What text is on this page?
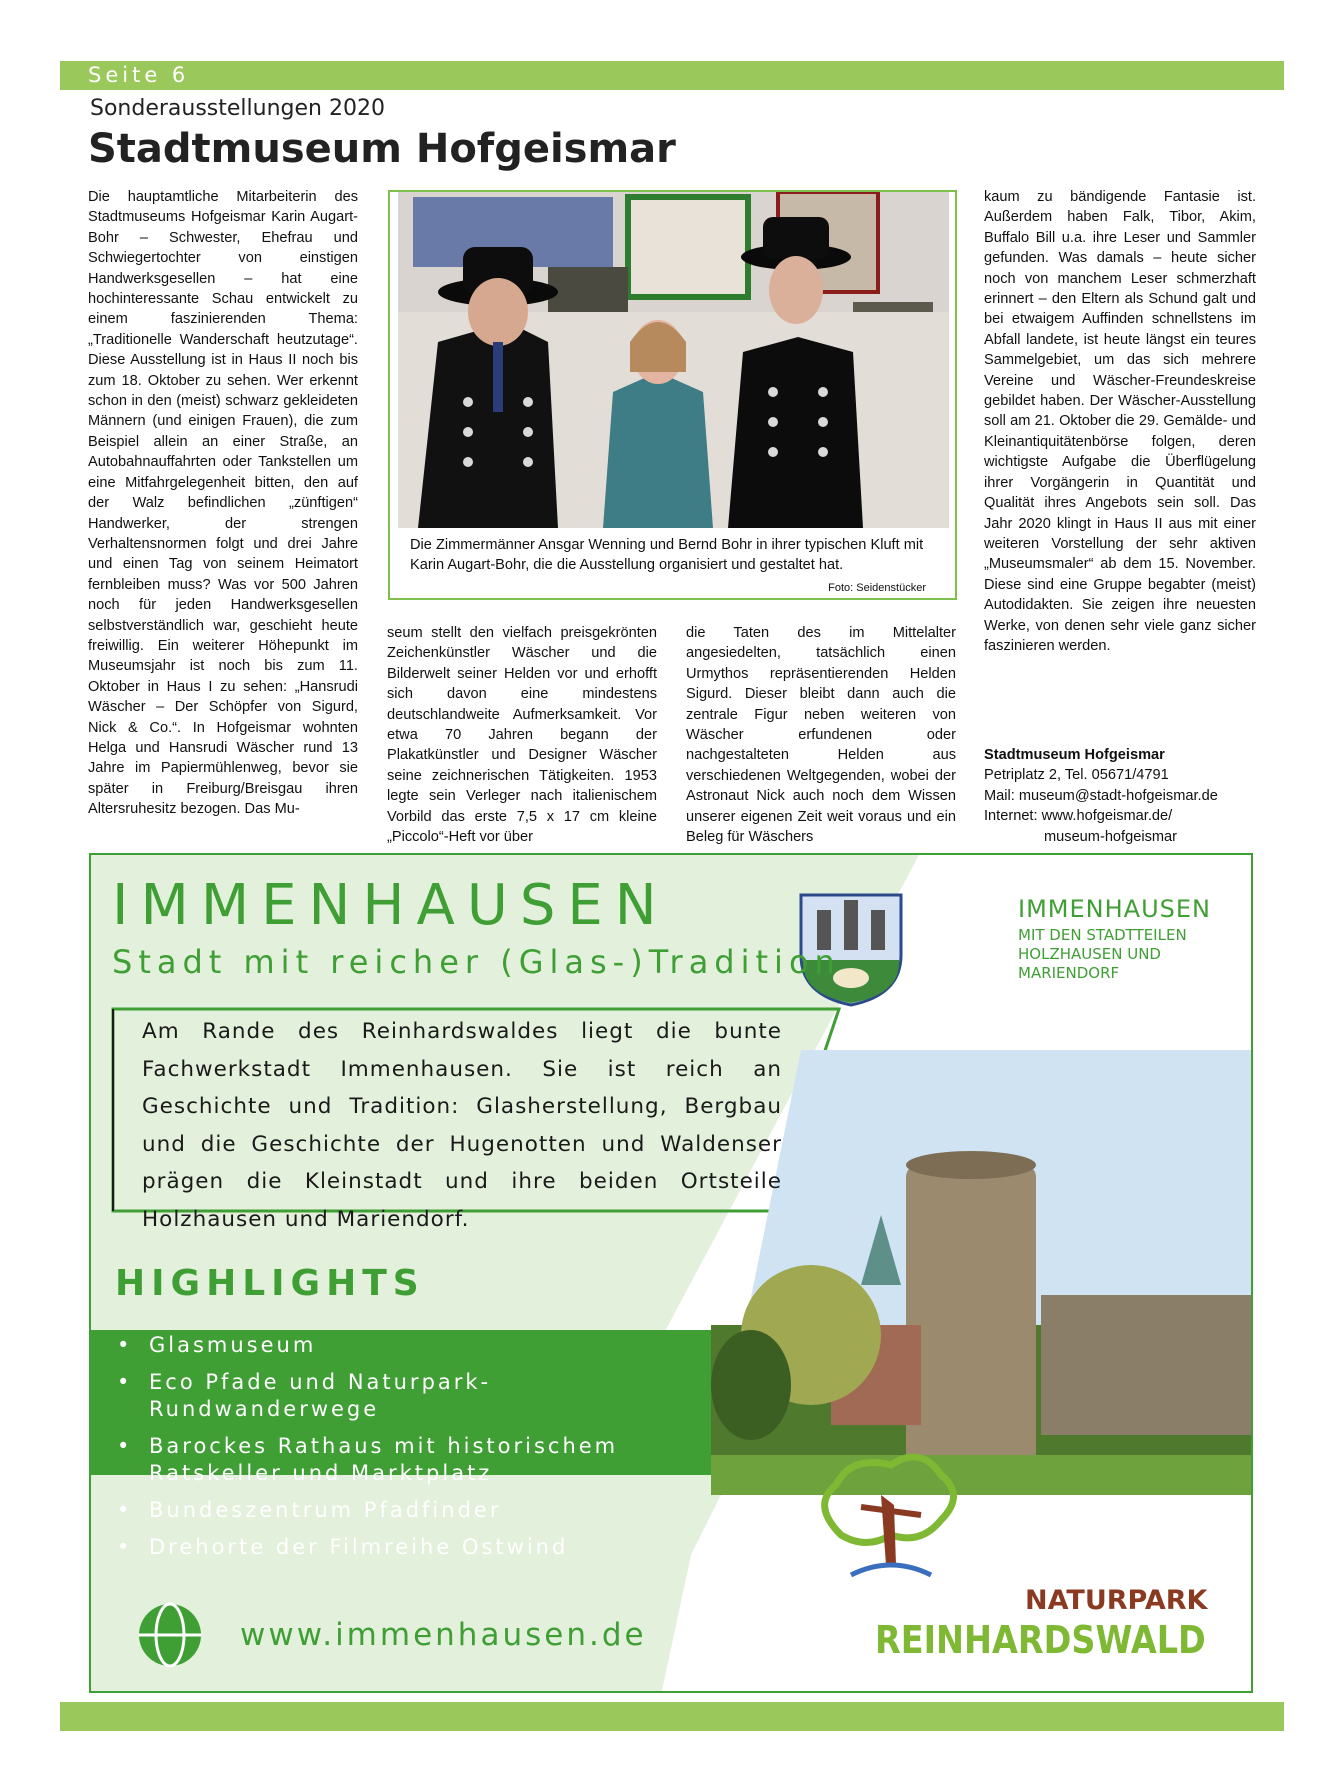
Seite 6
Sonderausstellungen 2020
Stadtmuseum Hofgeismar

Die hauptamtliche Mitarbeiterin des Stadtmuseums Hofgeismar Karin Augart-Bohr – Schwester, Ehefrau und Schwiegertochter von einstigen Handwerksgesellen – hat eine hochinteressante Schau entwickelt zu einem faszinierenden Thema: „Traditionelle Wanderschaft heutzutage“. Diese Ausstellung ist in Haus II noch bis zum 18. Oktober zu sehen. Wer erkennt schon in den (meist) schwarz gekleideten Männern (und einigen Frauen), die zum Beispiel allein an einer Straße, an Autobahnauffahrten oder Tankstellen um eine Mitfahrgelegenheit bitten, den auf der Walz befindlichen „zünftigen“ Handwerker, der strengen Verhaltensnormen folgt und drei Jahre und einen Tag von seinem Heimatort fernbleiben muss? Was vor 500 Jahren noch für jeden Handwerksgesellen selbstverständlich war, geschieht heute freiwillig. Ein weiterer Höhepunkt im Museumsjahr ist noch bis zum 11. Oktober in Haus I zu sehen: „Hansrudi Wäscher – Der Schöpfer von Sigurd, Nick & Co.“. In Hofgeismar wohnten Helga und Hansrudi Wäscher rund 13 Jahre im Papiermühlenweg, bevor sie später in Freiburg/Breisgau ihren Altersruhesitz bezogen. Das Mu-

Die Zimmermänner Ansgar Wenning und Bernd Bohr in ihrer typischen Kluft mit Karin Augart-Bohr, die die Ausstellung organisiert und gestaltet hat.
Foto: Seidenstücker

seum stellt den vielfach preisgekrönten Zeichenkünstler Wäscher und die Bilderwelt seiner Helden vor und erhofft sich davon eine mindestens deutschlandweite Aufmerksamkeit. Vor etwa 70 Jahren begann der Plakatkünstler und Designer Wäscher seine zeichnerischen Tätigkeiten. 1953 legte sein Verleger nach italienischem Vorbild das erste 7,5 x 17 cm kleine „Piccolo“-Heft vor über

die Taten des im Mittelalter angesiedelten, tatsächlich einen Urmythos repräsentierenden Helden Sigurd. Dieser bleibt dann auch die zentrale Figur neben weiteren von Wäscher erfundenen oder nachgestalteten Helden aus verschiedenen Weltgegenden, wobei der Astronaut Nick auch noch dem Wissen unserer eigenen Zeit weit voraus und ein Beleg für Wäschers

kaum zu bändigende Fantasie ist. Außerdem haben Falk, Tibor, Akim, Buffalo Bill u.a. ihre Leser und Sammler gefunden. Was damals – heute sicher noch von manchem Leser schmerzhaft erinnert – den Eltern als Schund galt und bei etwaigem Auffinden schnellstens im Abfall landete, ist heute längst ein teures Sammelgebiet, um das sich mehrere Vereine und Wäscher-Freundeskreise gebildet haben. Der Wäscher-Ausstellung soll am 21. Oktober die 29. Gemälde- und Kleinantiquitätenbörse folgen, deren wichtigste Aufgabe die Überflügelung ihrer Vorgängerin in Quantität und Qualität ihres Angebots sein soll. Das Jahr 2020 klingt in Haus II aus mit einer weiteren Vorstellung der sehr aktiven „Museumsmaler“ ab dem 15. November. Diese sind eine Gruppe begabter (meist) Autodidakten. Sie zeigen ihre neuesten Werke, von denen sehr viele ganz sicher faszinieren werden.

Stadtmuseum Hofgeismar
Petriplatz 2, Tel. 05671/4791
Mail: museum@stadt-hofgeismar.de
Internet: www.hofgeismar.de/
museum-hofgeismar
IMMENHAUSEN
Stadt mit reicher (Glas-)Tradition
Am Rande des Reinhardswaldes liegt die bunte Fachwerkstadt Immenhausen. Sie ist reich an Geschichte und Tradition: Glasherstellung, Bergbau und die Geschichte der Hugenotten und Waldenser prägen die Kleinstadt und ihre beiden Ortsteile Holzhausen und Mariendorf.
IMMENHAUSEN
MIT DEN STADTTEILEN HOLZHAUSEN UND MARIENDORF
HIGHLIGHTS
• Glasmuseum
• Eco Pfade und Naturpark-Rundwanderwege
• Barockes Rathaus mit historischem Ratskeller und Marktplatz
• Bundeszentrum Pfadfinder
• Drehorte der Filmreihe Ostwind
www.immenhausen.de
NATURPARK
REINHARDSWALD
